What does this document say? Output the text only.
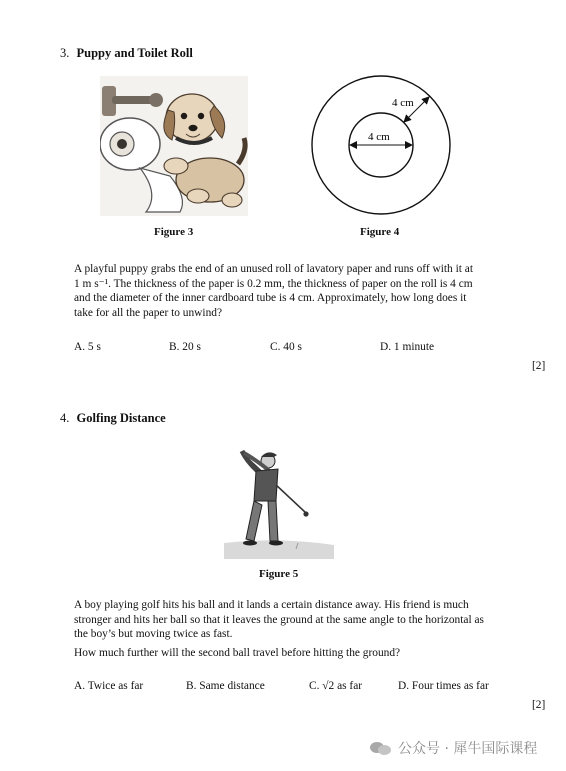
3. Puppy and Toilet Roll
Figure 3
4 cm
4 cm
Figure 4
A playful puppy grabs the end of an unused roll of lavatory paper and runs off with it at
1 m s⁻¹. The thickness of the paper is 0.2 mm, the thickness of paper on the roll is 4 cm
and the diameter of the inner cardboard tube is 4 cm. Approximately, how long does it
take for all the paper to unwind?
A. 5 s	B. 20 s	C. 40 s	D. 1 minute
[2]
4. Golfing Distance
Figure 5
A boy playing golf hits his ball and it lands a certain distance away. His friend is much
stronger and hits her ball so that it leaves the ground at the same angle to the horizontal as
the boy’s but moving twice as fast.
How much further will the second ball travel before hitting the ground?
A. Twice as far	B. Same distance	C. √2 as far	D. Four times as far
[2]
公众号 · 犀牛国际课程
